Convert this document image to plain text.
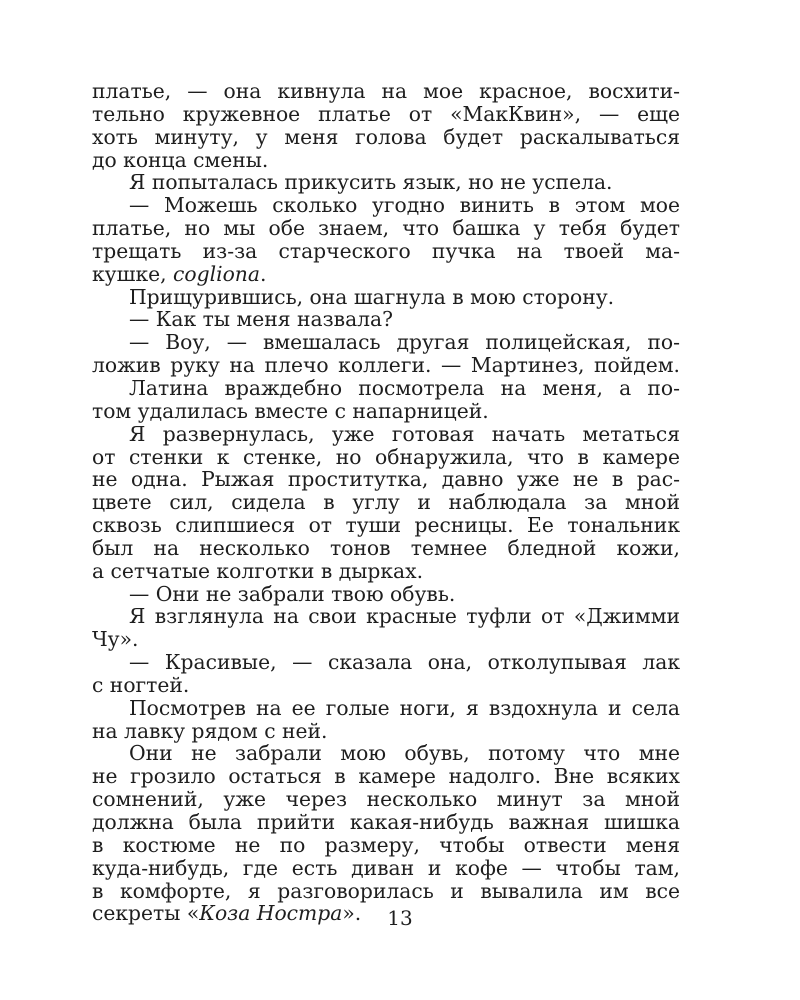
платье, — она кивнула на мое красное, восхити-
тельно кружевное платье от «МакКвин», — еще
хоть минуту, у меня голова будет раскалываться
до конца смены.
Я попыталась прикусить язык, но не успела.
— Можешь сколько угодно винить в этом мое
платье, но мы обе знаем, что башка у тебя будет
трещать из-за старческого пучка на твоей ма-
кушке, cogliona.
Прищурившись, она шагнула в мою сторону.
— Как ты меня назвала?
— Воу, — вмешалась другая полицейская, по-
ложив руку на плечо коллеги. — Мартинез, пойдем.
Латина враждебно посмотрела на меня, а по-
том удалилась вместе с напарницей.
Я развернулась, уже готовая начать метаться
от стенки к стенке, но обнаружила, что в камере
не одна. Рыжая проститутка, давно уже не в рас-
цвете сил, сидела в углу и наблюдала за мной
сквозь слипшиеся от туши ресницы. Ее тональник
был на несколько тонов темнее бледной кожи,
а сетчатые колготки в дырках.
— Они не забрали твою обувь.
Я взглянула на свои красные туфли от «Джимми
Чу».
— Красивые, — сказала она, отколупывая лак
с ногтей.
Посмотрев на ее голые ноги, я вздохнула и села
на лавку рядом с ней.
Они не забрали мою обувь, потому что мне
не грозило остаться в камере надолго. Вне всяких
сомнений, уже через несколько минут за мной
должна была прийти какая-нибудь важная шишка
в костюме не по размеру, чтобы отвести меня
куда-нибудь, где есть диван и кофе — чтобы там,
в комфорте, я разговорилась и вывалила им все
секреты «Коза Ностра».	13
